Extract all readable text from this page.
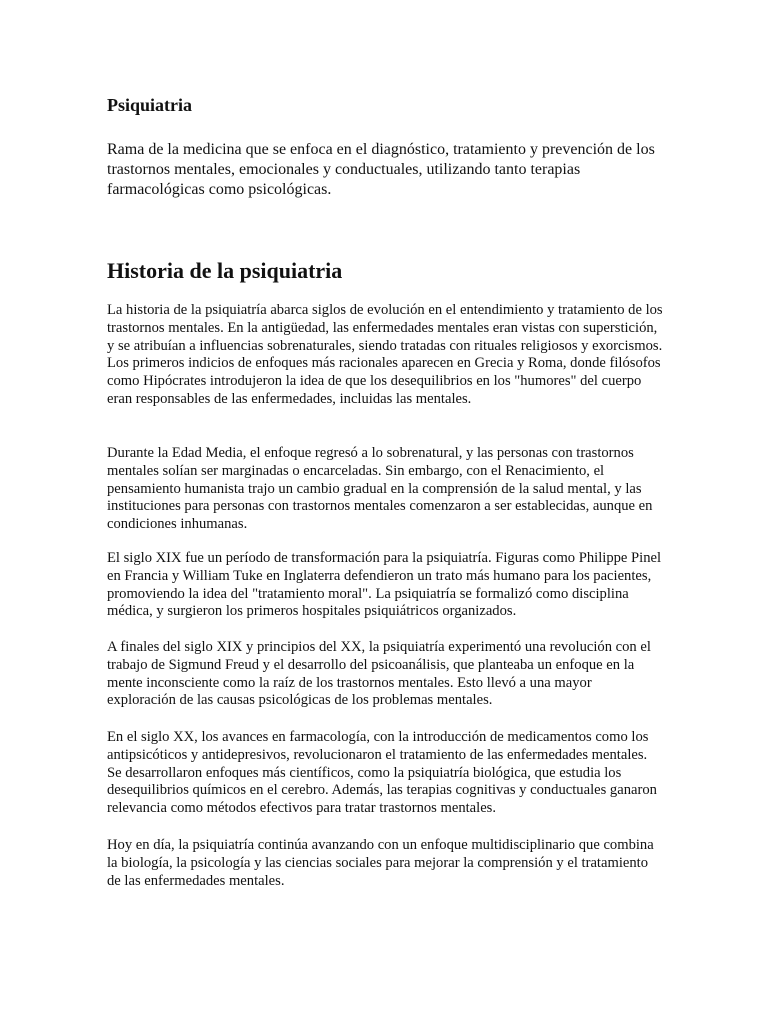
Psiquiatria

Rama de la medicina que se enfoca en el diagnóstico, tratamiento y prevención de los trastornos mentales, emocionales y conductuales, utilizando tanto terapias farmacológicas como psicológicas.

Historia de la psiquiatria

La historia de la psiquiatría abarca siglos de evolución en el entendimiento y tratamiento de los trastornos mentales. En la antigüedad, las enfermedades mentales eran vistas con superstición, y se atribuían a influencias sobrenaturales, siendo tratadas con rituales religiosos y exorcismos. Los primeros indicios de enfoques más racionales aparecen en Grecia y Roma, donde filósofos como Hipócrates introdujeron la idea de que los desequilibrios en los "humores" del cuerpo eran responsables de las enfermedades, incluidas las mentales.

Durante la Edad Media, el enfoque regresó a lo sobrenatural, y las personas con trastornos mentales solían ser marginadas o encarceladas. Sin embargo, con el Renacimiento, el pensamiento humanista trajo un cambio gradual en la comprensión de la salud mental, y las instituciones para personas con trastornos mentales comenzaron a ser establecidas, aunque en condiciones inhumanas.

El siglo XIX fue un período de transformación para la psiquiatría. Figuras como Philippe Pinel en Francia y William Tuke en Inglaterra defendieron un trato más humano para los pacientes, promoviendo la idea del "tratamiento moral". La psiquiatría se formalizó como disciplina médica, y surgieron los primeros hospitales psiquiátricos organizados.

A finales del siglo XIX y principios del XX, la psiquiatría experimentó una revolución con el trabajo de Sigmund Freud y el desarrollo del psicoanálisis, que planteaba un enfoque en la mente inconsciente como la raíz de los trastornos mentales. Esto llevó a una mayor exploración de las causas psicológicas de los problemas mentales.

En el siglo XX, los avances en farmacología, con la introducción de medicamentos como los antipsicóticos y antidepresivos, revolucionaron el tratamiento de las enfermedades mentales. Se desarrollaron enfoques más científicos, como la psiquiatría biológica, que estudia los desequilibrios químicos en el cerebro. Además, las terapias cognitivas y conductuales ganaron relevancia como métodos efectivos para tratar trastornos mentales.

Hoy en día, la psiquiatría continúa avanzando con un enfoque multidisciplinario que combina la biología, la psicología y las ciencias sociales para mejorar la comprensión y el tratamiento de las enfermedades mentales.
